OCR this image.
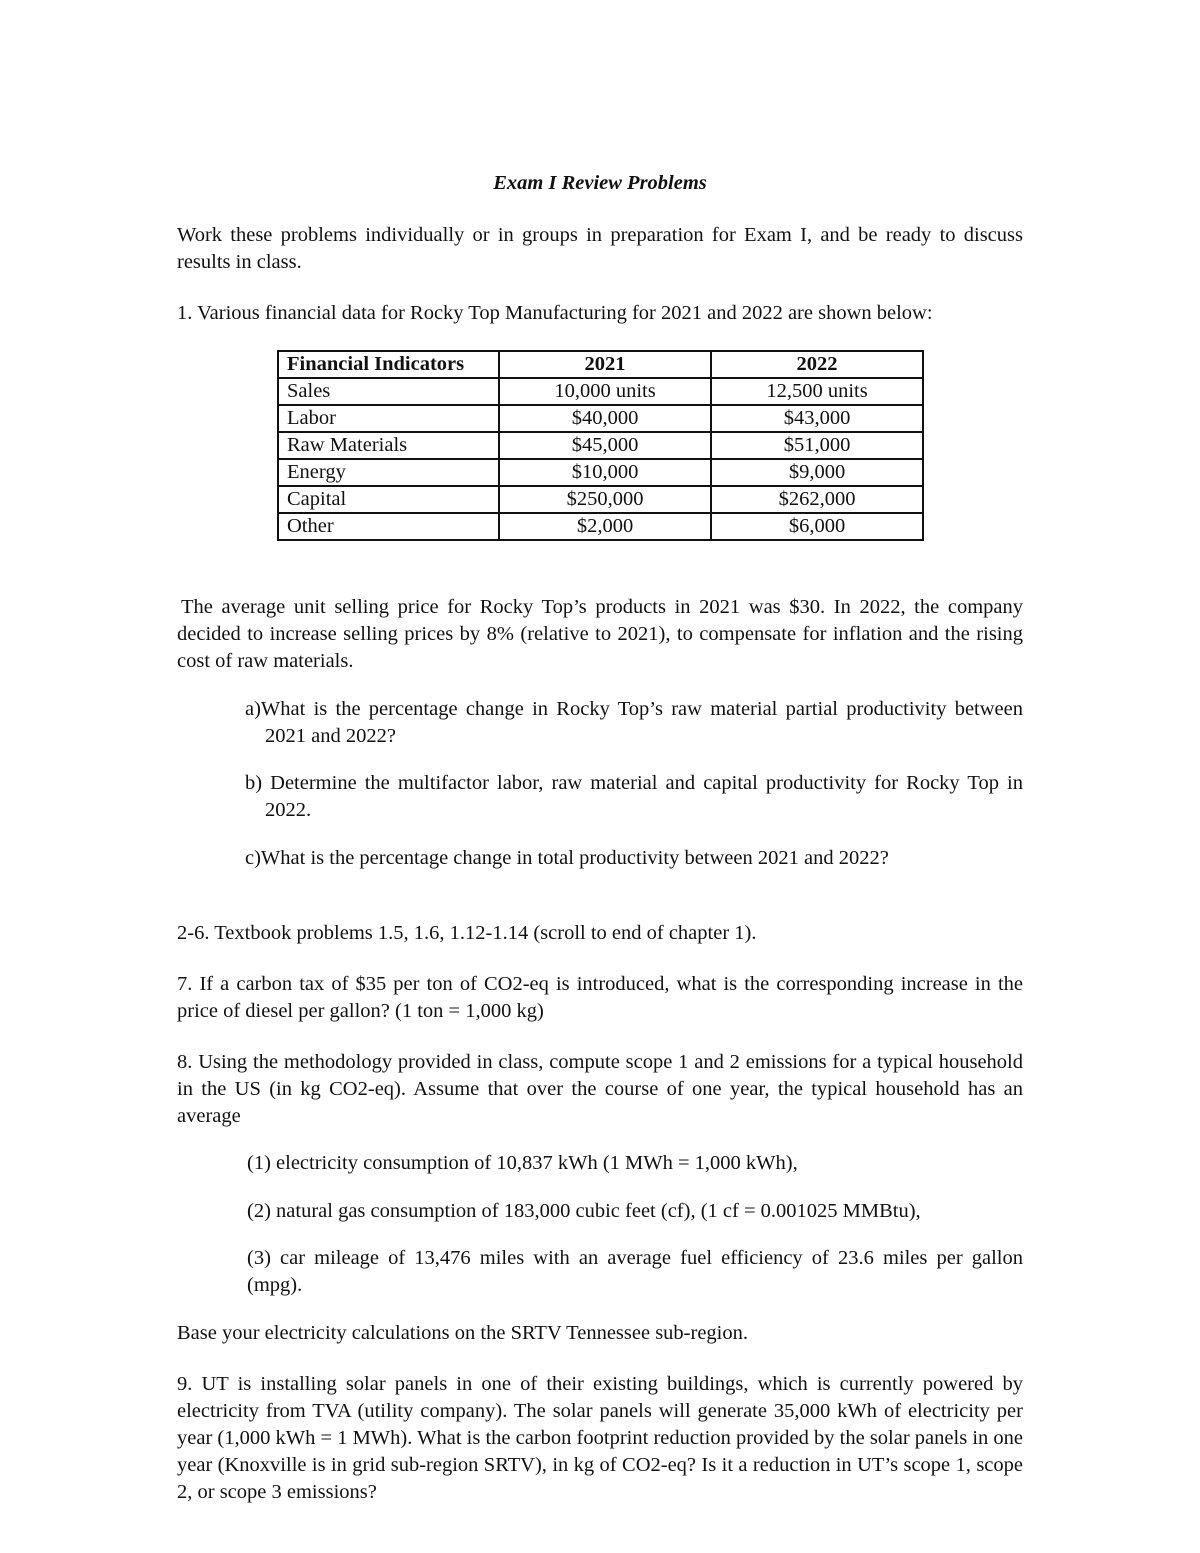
Exam I Review Problems

Work these problems individually or in groups in preparation for Exam I, and be ready to discuss results in class.

1. Various financial data for Rocky Top Manufacturing for 2021 and 2022 are shown below:

Financial Indicators	2021	2022
Sales	10,000 units	12,500 units
Labor	$40,000	$43,000
Raw Materials	$45,000	$51,000
Energy	$10,000	$9,000
Capital	$250,000	$262,000
Other	$2,000	$6,000

The average unit selling price for Rocky Top’s products in 2021 was $30. In 2022, the company decided to increase selling prices by 8% (relative to 2021), to compensate for inflation and the rising cost of raw materials.

a)What is the percentage change in Rocky Top’s raw material partial productivity between 2021 and 2022?

b) Determine the multifactor labor, raw material and capital productivity for Rocky Top in 2022.

c)What is the percentage change in total productivity between 2021 and 2022?

2-6. Textbook problems 1.5, 1.6, 1.12-1.14 (scroll to end of chapter 1).

7. If a carbon tax of $35 per ton of CO2-eq is introduced, what is the corresponding increase in the price of diesel per gallon? (1 ton = 1,000 kg)

8. Using the methodology provided in class, compute scope 1 and 2 emissions for a typical household in the US (in kg CO2-eq). Assume that over the course of one year, the typical household has an average

(1) electricity consumption of 10,837 kWh (1 MWh = 1,000 kWh),

(2) natural gas consumption of 183,000 cubic feet (cf), (1 cf = 0.001025 MMBtu),

(3) car mileage of 13,476 miles with an average fuel efficiency of 23.6 miles per gallon (mpg).

Base your electricity calculations on the SRTV Tennessee sub-region.

9. UT is installing solar panels in one of their existing buildings, which is currently powered by electricity from TVA (utility company). The solar panels will generate 35,000 kWh of electricity per year (1,000 kWh = 1 MWh). What is the carbon footprint reduction provided by the solar panels in one year (Knoxville is in grid sub-region SRTV), in kg of CO2-eq? Is it a reduction in UT’s scope 1, scope 2, or scope 3 emissions?
